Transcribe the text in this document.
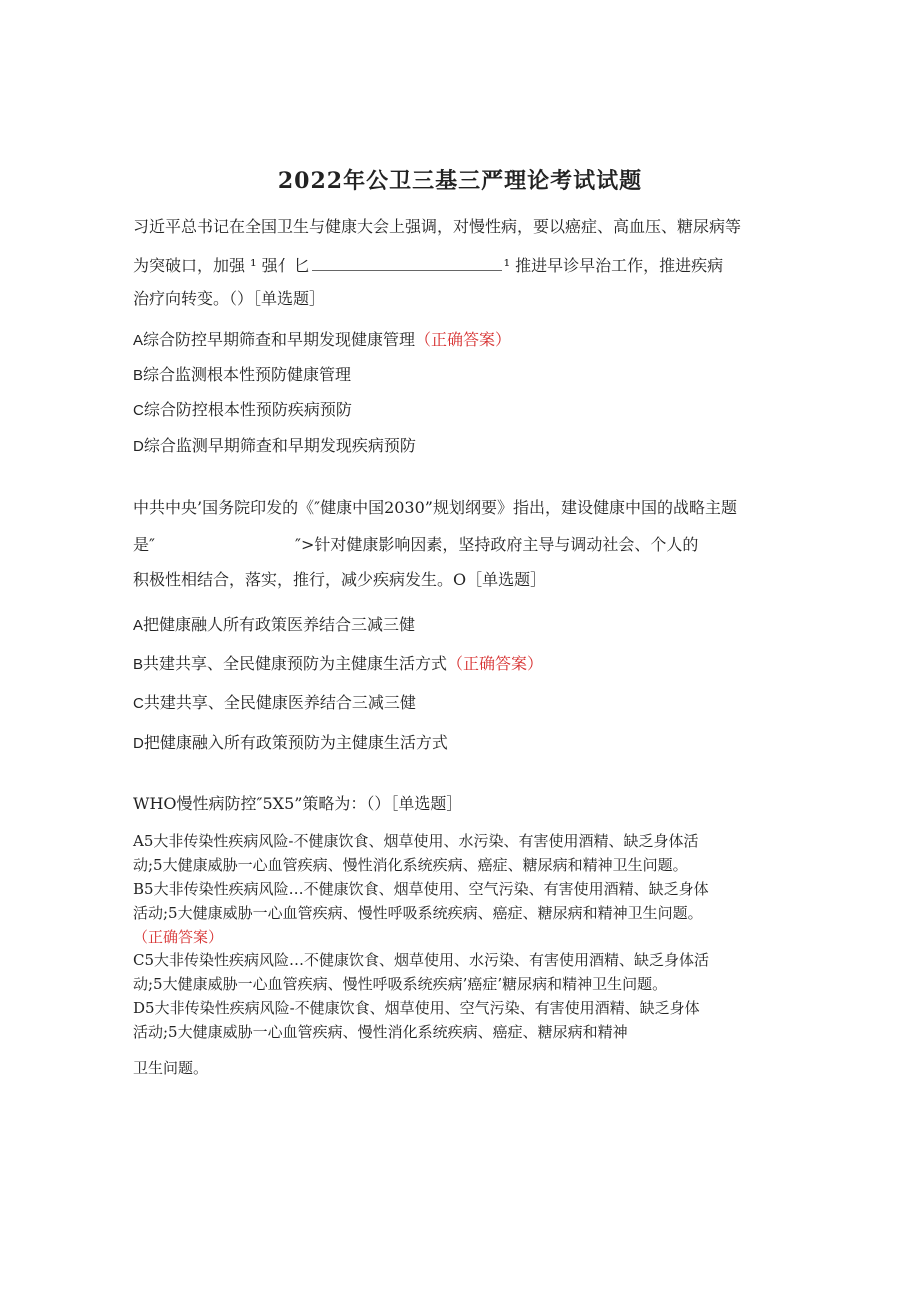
2022年公卫三基三严理论考试试题
习近平总书记在全国卫生与健康大会上强调，对慢性病，要以癌症、高血压、糖尿病等
为突破口，加强 ¹ 强亻匕	¹ 推进早诊早治工作，推进疾病
治疗向转变。（）［单选题］
A综合防控早期筛查和早期发现健康管理（正确答案）
B综合监测根本性预防健康管理
C综合防控根本性预防疾病预防
D综合监测早期筛查和早期发现疾病预防
中共中央’国务院印发的《″健康中国2030”规划纲要》指出，建设健康中国的战略主题
是″	″>针对健康影响因素，坚持政府主导与调动社会、个人的
积极性相结合，落实，推行，减少疾病发生。O［单选题］
A把健康融人所有政策医养结合三减三健
B共建共享、全民健康预防为主健康生活方式（正确答案）
C共建共享、全民健康医养结合三减三健
D把健康融入所有政策预防为主健康生活方式
WHO慢性病防控″5X5”策略为：（）［单选题］
A5大非传染性疾病风险-不健康饮食、烟草使用、水污染、有害使用酒精、缺乏身体活
动;5大健康威胁一心血管疾病、慢性消化系统疾病、癌症、糖尿病和精神卫生问题。
B5大非传染性疾病风险…不健康饮食、烟草使用、空气污染、有害使用酒精、缺乏身体
活动;5大健康威胁一心血管疾病、慢性呼吸系统疾病、癌症、糖尿病和精神卫生问题。
（正确答案）
C5大非传染性疾病风险…不健康饮食、烟草使用、水污染、有害使用酒精、缺乏身体活
动;5大健康威胁一心血管疾病、慢性呼吸系统疾病’癌症’糖尿病和精神卫生问题。
D5大非传染性疾病风险-不健康饮食、烟草使用、空气污染、有害使用酒精、缺乏身体
活动;5大健康威胁一心血管疾病、慢性消化系统疾病、癌症、糖尿病和精神
卫生问题。
